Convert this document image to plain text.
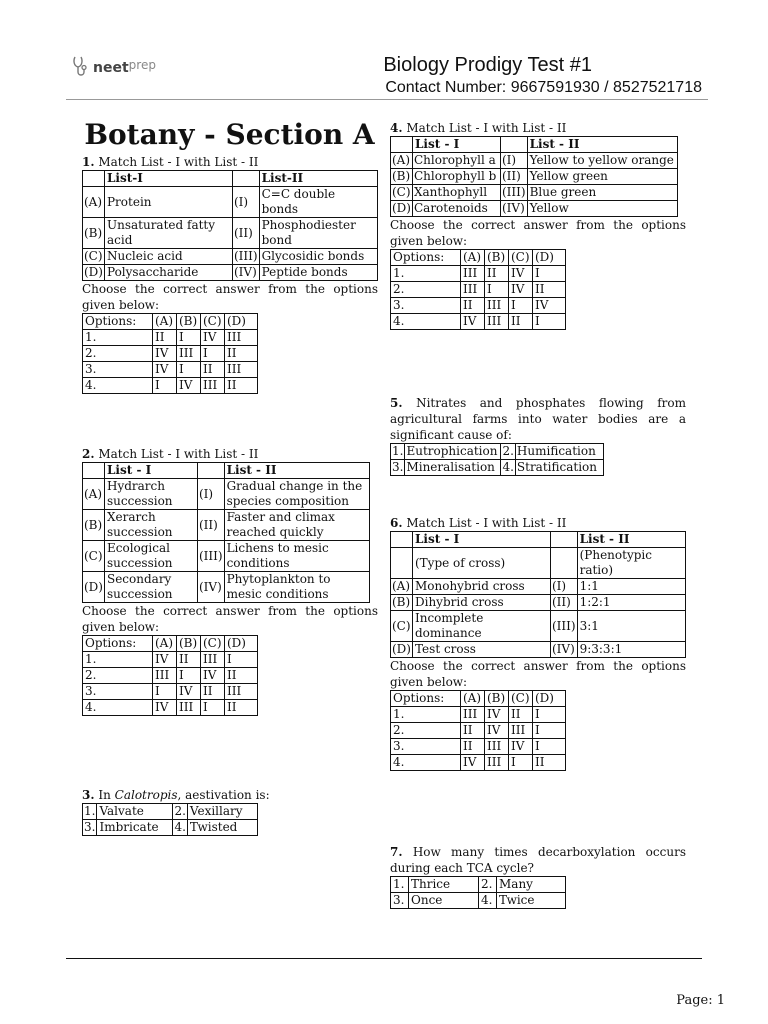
neetprep	Biology Prodigy Test #1
Contact Number: 9667591930 / 8527521718
Botany - Section A
1. Match List - I with List - II
	List-I		List-II
(A)	Protein	(I)	C=C double bonds
(B)	Unsaturated fatty acid	(II)	Phosphodiester bond
(C)	Nucleic acid	(III)	Glycosidic bonds
(D)	Polysaccharide	(IV)	Peptide bonds
Choose the correct answer from the options given below:
Options:	(A)	(B)	(C)	(D)
1.	II	I	IV	III
2.	IV	III	I	II
3.	IV	I	II	III
4.	I	IV	III	II
2. Match List - I with List - II
	List - I		List - II
(A)	Hydrarch succession	(I)	Gradual change in the species composition
(B)	Xerarch succession	(II)	Faster and climax reached quickly
(C)	Ecological succession	(III)	Lichens to mesic conditions
(D)	Secondary succession	(IV)	Phytoplankton to mesic conditions
Choose the correct answer from the options given below:
Options:	(A)	(B)	(C)	(D)
1.	IV	II	III	I
2.	III	I	IV	II
3.	I	IV	II	III
4.	IV	III	I	II
3. In Calotropis, aestivation is:
1.	Valvate	2.	Vexillary
3.	Imbricate	4.	Twisted
4. Match List - I with List - II
	List - I		List - II
(A)	Chlorophyll a	(I)	Yellow to yellow orange
(B)	Chlorophyll b	(II)	Yellow green
(C)	Xanthophyll	(III)	Blue green
(D)	Carotenoids	(IV)	Yellow
Choose the correct answer from the options given below:
Options:	(A)	(B)	(C)	(D)
1.	III	II	IV	I
2.	III	I	IV	II
3.	II	III	I	IV
4.	IV	III	II	I
5. Nitrates and phosphates flowing from agricultural farms into water bodies are a significant cause of:
1.	Eutrophication	2.	Humification
3.	Mineralisation	4.	Stratification
6. Match List - I with List - II
	List - I		List - II
	(Type of cross)		(Phenotypic ratio)
(A)	Monohybrid cross	(I)	1:1
(B)	Dihybrid cross	(II)	1:2:1
(C)	Incomplete dominance	(III)	3:1
(D)	Test cross	(IV)	9:3:3:1
Choose the correct answer from the options given below:
Options:	(A)	(B)	(C)	(D)
1.	III	IV	II	I
2.	II	IV	III	I
3.	II	III	IV	I
4.	IV	III	I	II
7. How many times decarboxylation occurs during each TCA cycle?
1.	Thrice	2.	Many
3.	Once	4.	Twice
Page: 1
